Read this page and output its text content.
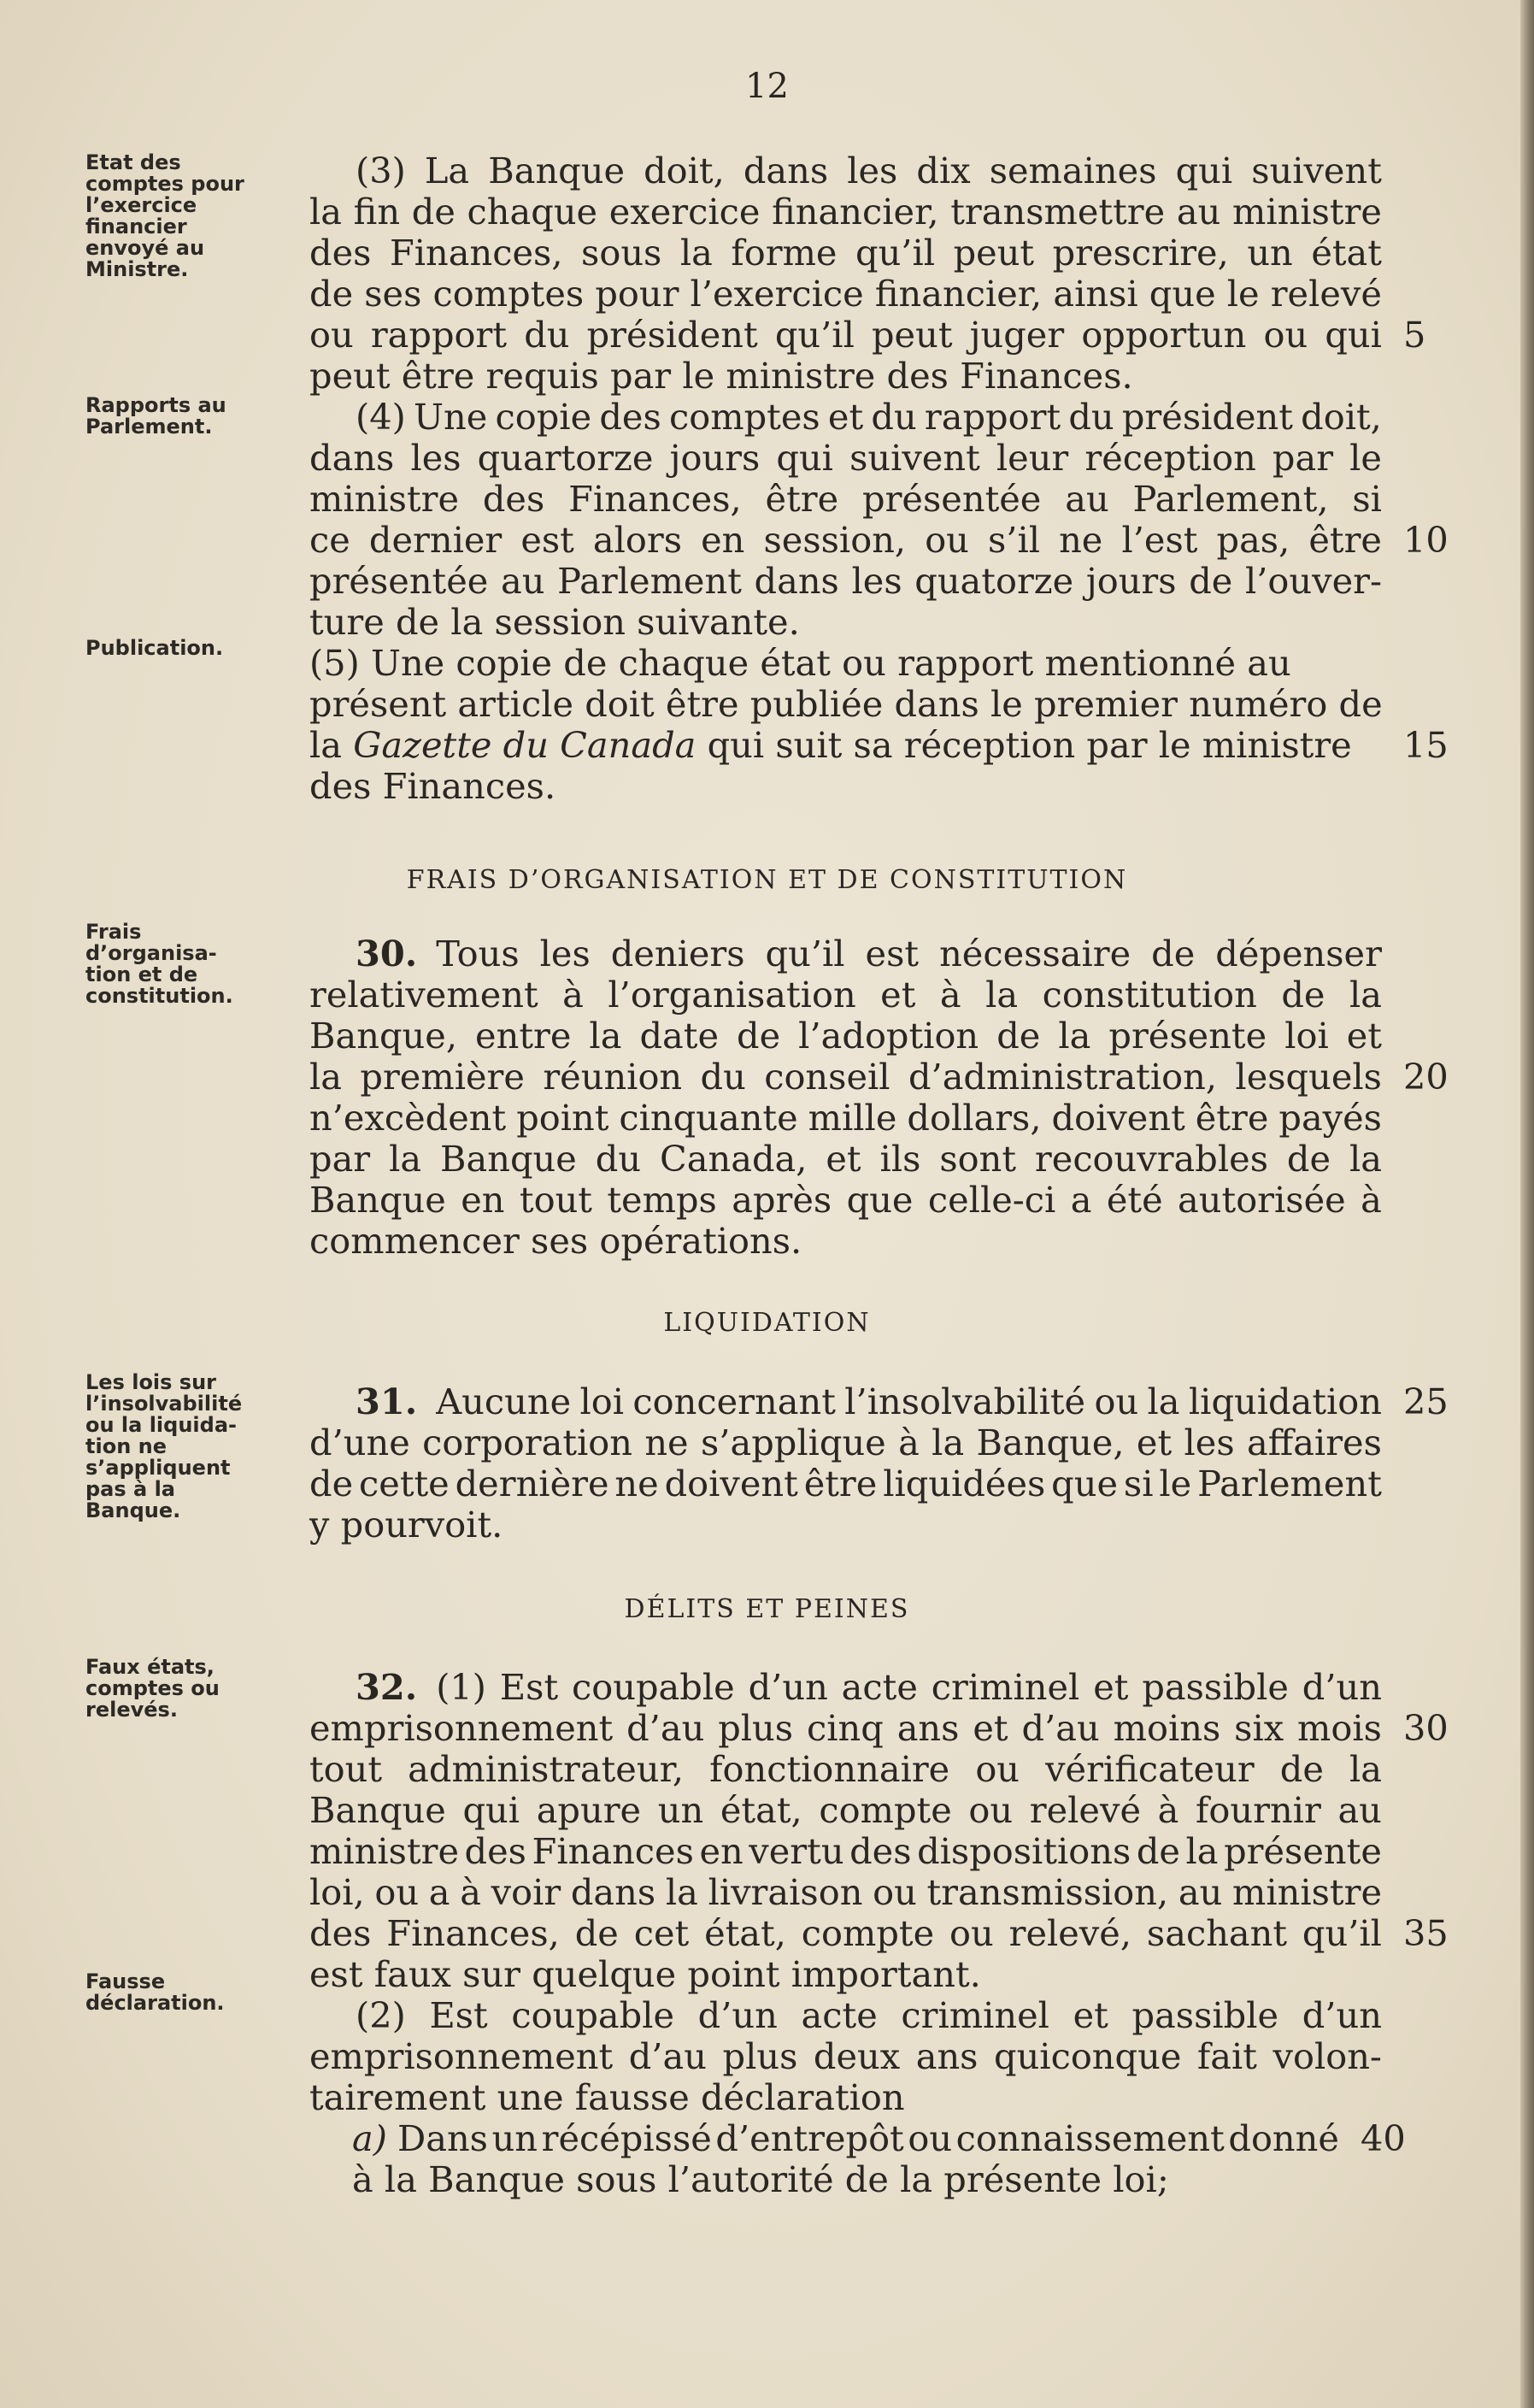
12
Etat des
comptes pour
l’exercice
financier
envoyé au
Ministre.
Rapports au
Parlement.
Publication.
Frais
d’organisa-
tion et de
constitution.
Les lois sur
l’insolvabilité
ou la liquida-
tion ne
s’appliquent
pas à la
Banque.
Faux états,
comptes ou
relevés.
Fausse
déclaration.
(3) La Banque doit, dans les dix semaines qui suivent
la fin de chaque exercice financier, transmettre au ministre
des Finances, sous la forme qu’il peut prescrire, un état
de ses comptes pour l’exercice financier, ainsi que le relevé
ou rapport du président qu’il peut juger opportun ou qui 5
peut être requis par le ministre des Finances.
(4) Une copie des comptes et du rapport du président doit,
dans les quartorze jours qui suivent leur réception par le
ministre des Finances, être présentée au Parlement, si
ce dernier est alors en session, ou s’il ne l’est pas, être 10
présentée au Parlement dans les quatorze jours de l’ouver-
ture de la session suivante.
(5) Une copie de chaque état ou rapport mentionné au
présent article doit être publiée dans le premier numéro de
la Gazette du Canada qui suit sa réception par le ministre 15
des Finances.
FRAIS D’ORGANISATION ET DE CONSTITUTION
30. Tous les deniers qu’il est nécessaire de dépenser
relativement à l’organisation et à la constitution de la
Banque, entre la date de l’adoption de la présente loi et
la première réunion du conseil d’administration, lesquels 20
n’excèdent point cinquante mille dollars, doivent être payés
par la Banque du Canada, et ils sont recouvrables de la
Banque en tout temps après que celle-ci a été autorisée à
commencer ses opérations.
LIQUIDATION
31. Aucune loi concernant l’insolvabilité ou la liquidation 25
d’une corporation ne s’applique à la Banque, et les affaires
de cette dernière ne doivent être liquidées que si le Parlement
y pourvoit.
DÉLITS ET PEINES
32. (1) Est coupable d’un acte criminel et passible d’un
emprisonnement d’au plus cinq ans et d’au moins six mois 30
tout administrateur, fonctionnaire ou vérificateur de la
Banque qui apure un état, compte ou relevé à fournir au
ministre des Finances en vertu des dispositions de la présente
loi, ou a à voir dans la livraison ou transmission, au ministre
des Finances, de cet état, compte ou relevé, sachant qu’il 35
est faux sur quelque point important.
(2) Est coupable d’un acte criminel et passible d’un
emprisonnement d’au plus deux ans quiconque fait volon-
tairement une fausse déclaration
a) Dans un récépissé d’entrepôt ou connaissement donné 40
à la Banque sous l’autorité de la présente loi;
